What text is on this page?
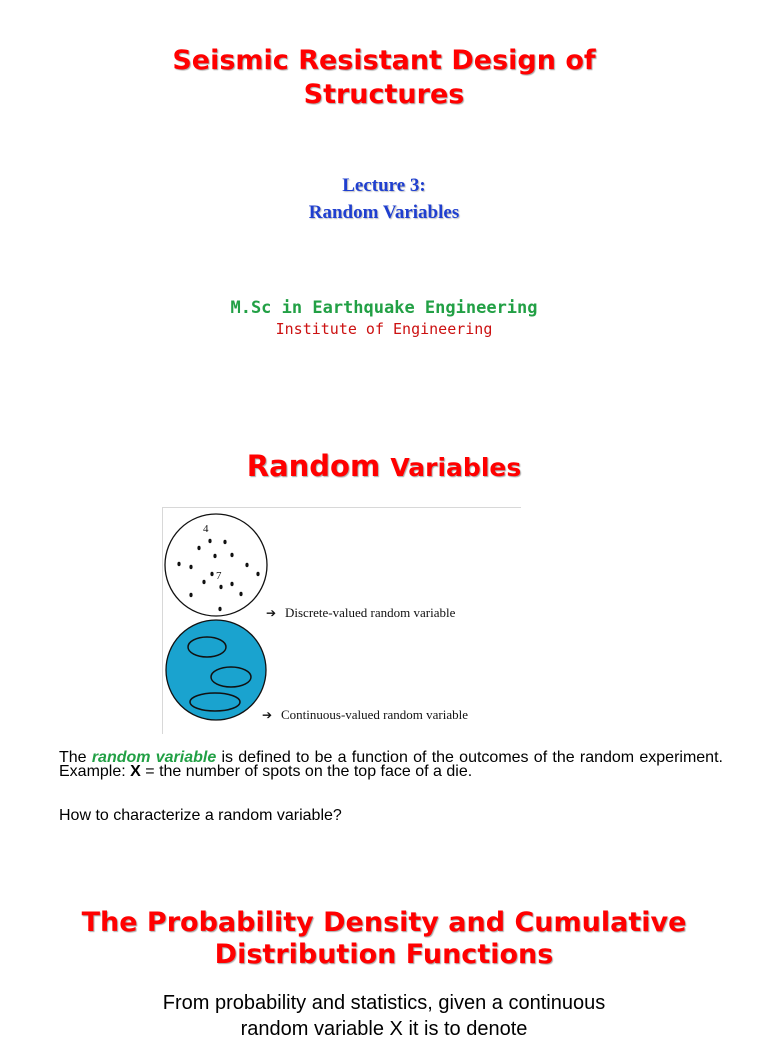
Seismic Resistant Design of
Structures
Lecture 3:
Random Variables
M.Sc in Earthquake Engineering
Institute of Engineering
Random Variables
4
7
➔ Discrete-valued random variable
➔ Continuous-valued random variable

The random variable is defined to be a function of the outcomes of the random experiment. Example: X = the number of spots on the top face of a die.

How to characterize a random variable?

The Probability Density and Cumulative
Distribution Functions

From probability and statistics, given a continuous

random variable X it is to denote
